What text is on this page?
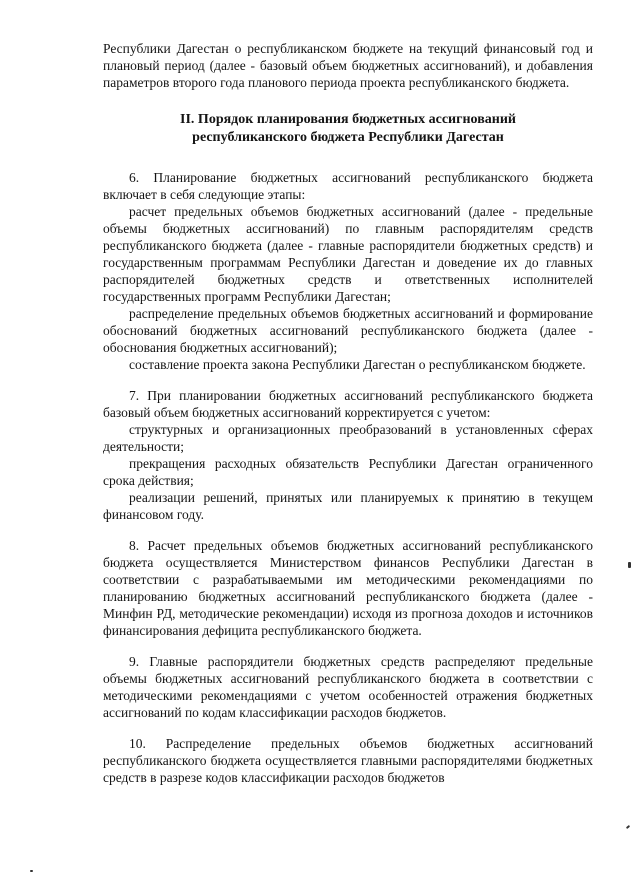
Республики Дагестан о республиканском бюджете на текущий финансовый год и плановый период (далее - базовый объем бюджетных ассигнований), и добавления параметров второго года планового периода проекта республиканского бюджета.

II. Порядок планирования бюджетных ассигнований
республиканского бюджета Республики Дагестан

6. Планирование бюджетных ассигнований республиканского бюджета включает в себя следующие этапы:

расчет предельных объемов бюджетных ассигнований (далее - предельные объемы бюджетных ассигнований) по главным распорядителям средств республиканского бюджета (далее - главные распорядители бюджетных средств) и государственным программам Республики Дагестан и доведение их до главных распорядителей бюджетных средств и ответственных исполнителей государственных программ Республики Дагестан;

распределение предельных объемов бюджетных ассигнований и формирование обоснований бюджетных ассигнований республиканского бюджета (далее - обоснования бюджетных ассигнований);

составление проекта закона Республики Дагестан о республиканском бюджете.

7. При планировании бюджетных ассигнований республиканского бюджета базовый объем бюджетных ассигнований корректируется с учетом:

структурных и организационных преобразований в установленных сферах деятельности;

прекращения расходных обязательств Республики Дагестан ограниченного срока действия;

реализации решений, принятых или планируемых к принятию в текущем финансовом году.

8. Расчет предельных объемов бюджетных ассигнований республиканского бюджета осуществляется Министерством финансов Республики Дагестан в соответствии с разрабатываемыми им методическими рекомендациями по планированию бюджетных ассигнований республиканского бюджета (далее - Минфин РД, методические рекомендации) исходя из прогноза доходов и источников финансирования дефицита республиканского бюджета.

9. Главные распорядители бюджетных средств распределяют предельные объемы бюджетных ассигнований республиканского бюджета в соответствии с методическими рекомендациями с учетом особенностей отражения бюджетных ассигнований по кодам классификации расходов бюджетов.

10. Распределение предельных объемов бюджетных ассигнований республиканского бюджета осуществляется главными распорядителями бюджетных средств в разрезе кодов классификации расходов бюджетов
